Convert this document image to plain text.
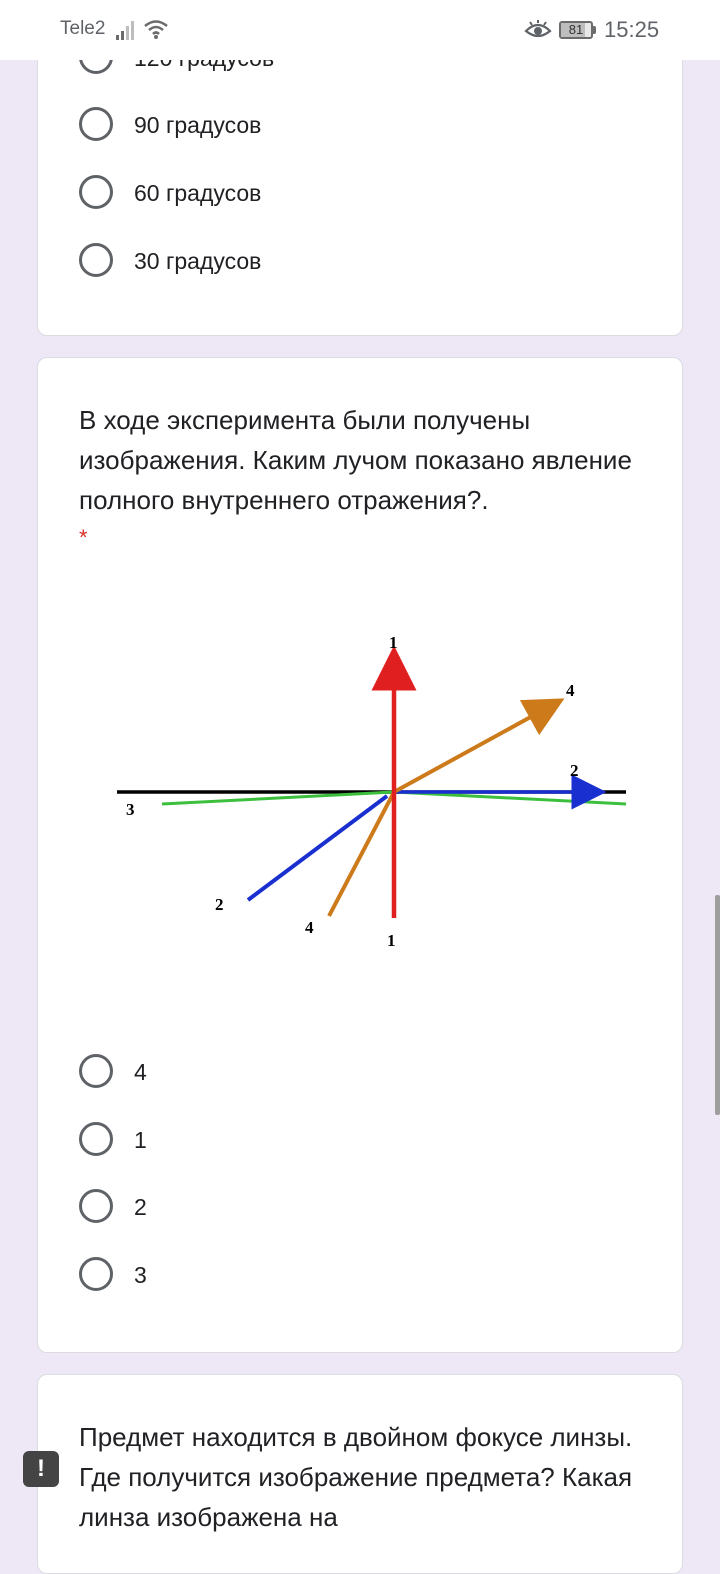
Tele2	81 15:25
90 градусов
60 градусов
30 градусов
В ходе эксперимента были получены изображения. Каким лучом показано явление полного внутреннего отражения?.
*
1
1
2
2
3
4
4
4
1
2
3
Предмет находится в двойном фокусе линзы. Где получится изображение предмета? Какая линза изображена на
!
